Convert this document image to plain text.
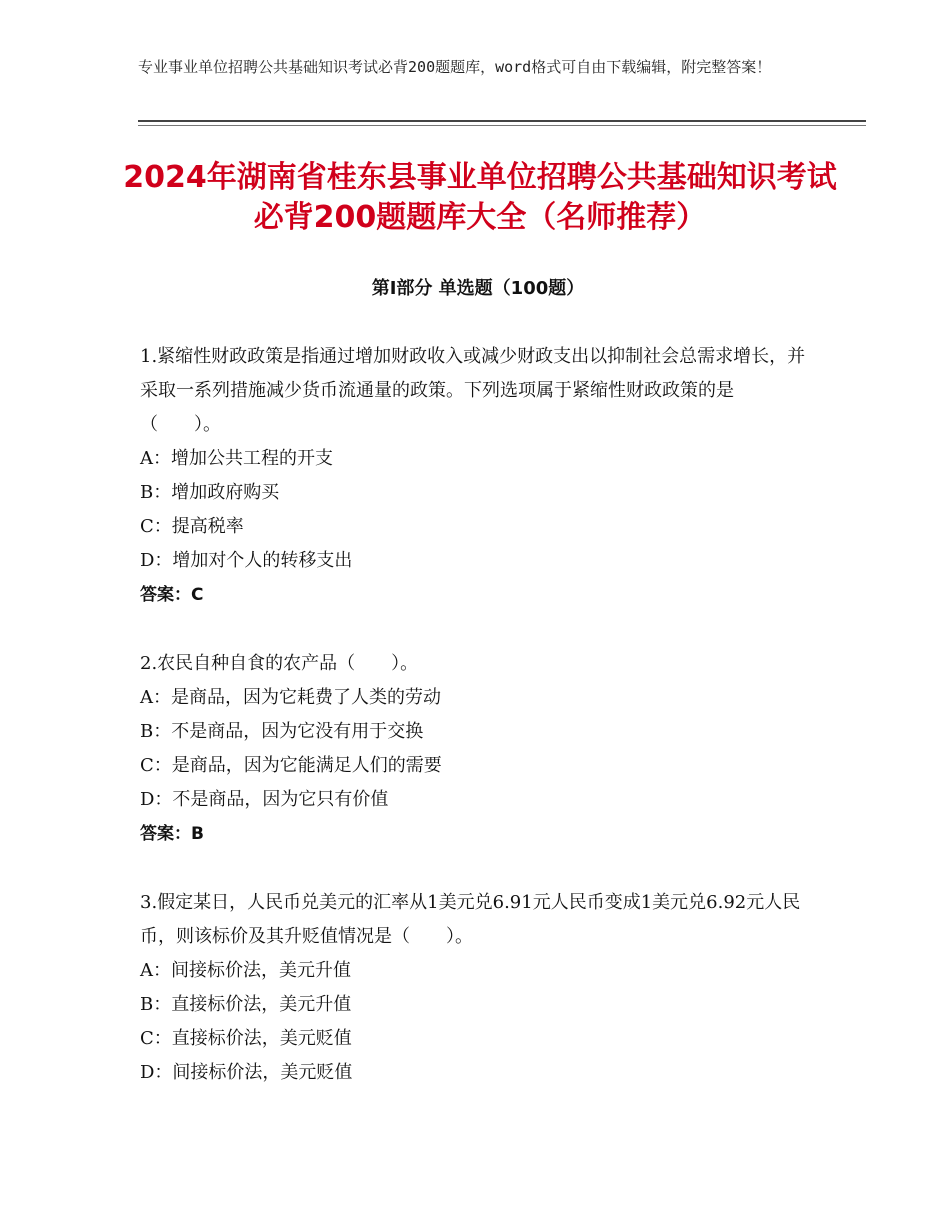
专业事业单位招聘公共基础知识考试必背200题题库，word格式可自由下载编辑，附完整答案！
2024年湖南省桂东县事业单位招聘公共基础知识考试必背200题题库大全（名师推荐）
第Ⅰ部分 单选题（100题）

1.紧缩性财政政策是指通过增加财政收入或减少财政支出以抑制社会总需求增长，并采取一系列措施减少货币流通量的政策。下列选项属于紧缩性财政政策的是（　　）。

A：增加公共工程的开支

B：增加政府购买

C：提高税率

D：增加对个人的转移支出

答案：C

2.农民自种自食的农产品（　　）。

A：是商品，因为它耗费了人类的劳动

B：不是商品，因为它没有用于交换

C：是商品，因为它能满足人们的需要

D：不是商品，因为它只有价值

答案：B

3.假定某日，人民币兑美元的汇率从1美元兑6.91元人民币变成1美元兑6.92元人民币，则该标价及其升贬值情况是（　　）。

A：间接标价法，美元升值

B：直接标价法，美元升值

C：直接标价法，美元贬值

D：间接标价法，美元贬值
